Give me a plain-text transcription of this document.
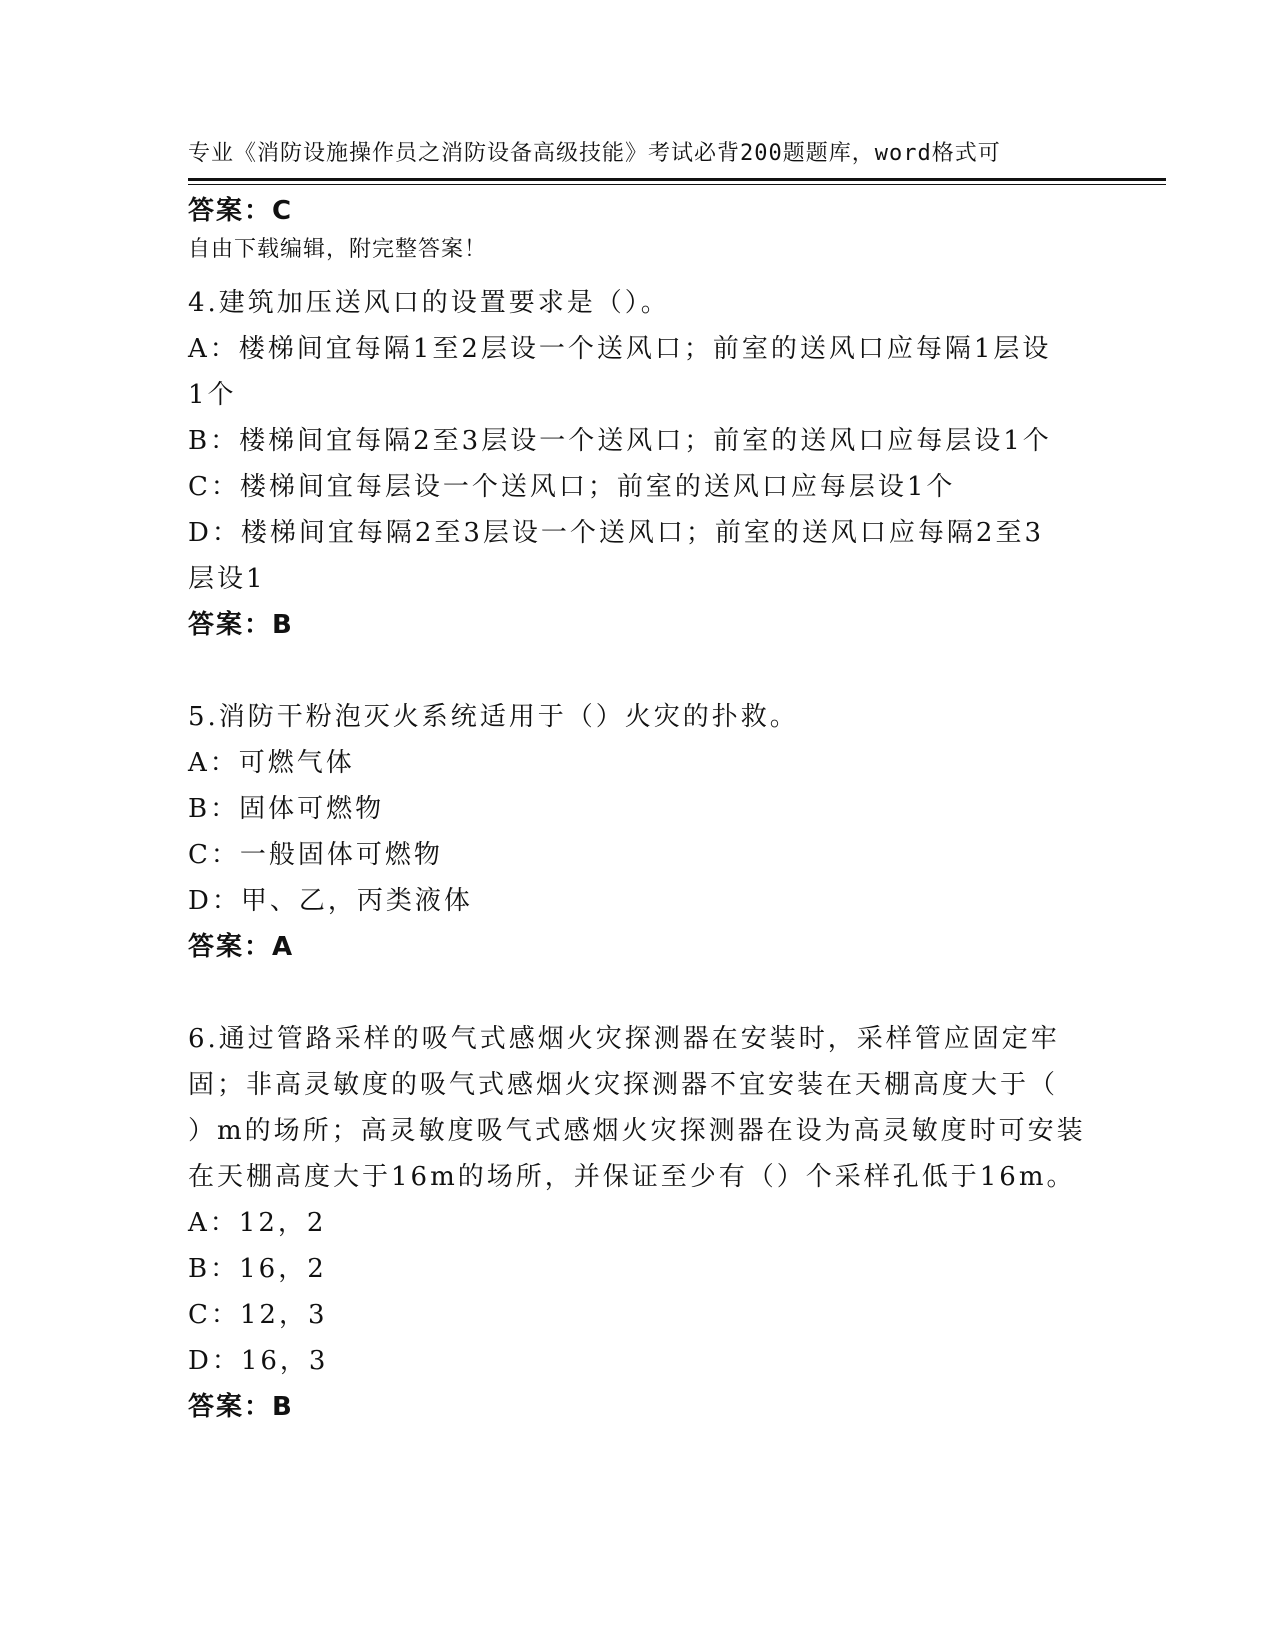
专业《消防设施操作员之消防设备高级技能》考试必背200题题库，word格式可

自由下载编辑，附完整答案！

答案：C
4.建筑加压送风口的设置要求是（）。
A：楼梯间宜每隔1至2层设一个送风口；前室的送风口应每隔1层设
1个
B：楼梯间宜每隔2至3层设一个送风口；前室的送风口应每层设1个
C：楼梯间宜每层设一个送风口；前室的送风口应每层设1个
D：楼梯间宜每隔2至3层设一个送风口；前室的送风口应每隔2至3
层设1
答案：B
5.消防干粉泡灭火系统适用于（）火灾的扑救。
A：可燃气体
B：固体可燃物
C：一般固体可燃物
D：甲、乙，丙类液体
答案：A
6.通过管路采样的吸气式感烟火灾探测器在安装时，采样管应固定牢
固；非高灵敏度的吸气式感烟火灾探测器不宜安装在天棚高度大于（
）m的场所；高灵敏度吸气式感烟火灾探测器在设为高灵敏度时可安装
在天棚高度大于16m的场所，并保证至少有（）个采样孔低于16m。
A：12，2
B：16，2
C：12，3
D：16，3
答案：B
